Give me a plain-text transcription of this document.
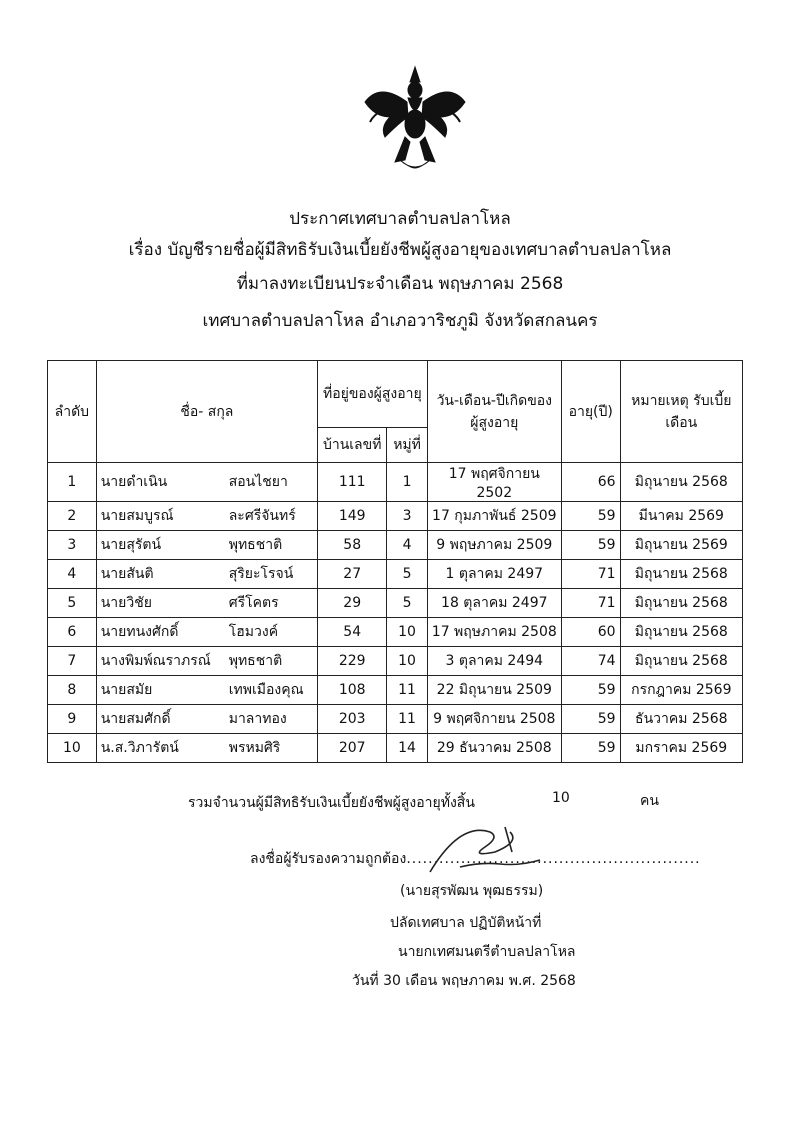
ประกาศเทศบาลตำบลปลาโหล
เรื่อง บัญชีรายชื่อผู้มีสิทธิรับเงินเบี้ยยังชีพผู้สูงอายุของเทศบาลตำบลปลาโหล
ที่มาลงทะเบียนประจำเดือน พฤษภาคม 2568
เทศบาลตำบลปลาโหล อำเภอวาริชภูมิ จังหวัดสกลนคร
ลำดับ	ชื่อ- สกุล	ที่อยู่ของผู้สูงอายุ		วัน-เดือน-ปีเกิดของ ผู้สูงอายุ	อายุ(ปี)	หมายเหตุ รับเบี้ยเดือน
		บ้านเลขที่	หมู่ที่			
1	นายดำเนิน สอนไชยา	111	1	17 พฤศจิกายน 2502	66	มิถุนายน 2568
2	นายสมบูรณ์ ละศรีจันทร์	149	3	17 กุมภาพันธ์ 2509	59	มีนาคม 2569
3	นายสุรัตน์ พุทธชาติ	58	4	9 พฤษภาคม 2509	59	มิถุนายน 2569
4	นายสันติ สุริยะโรจน์	27	5	1 ตุลาคม 2497	71	มิถุนายน 2568
5	นายวิชัย ศรีโคตร	29	5	18 ตุลาคม 2497	71	มิถุนายน 2568
6	นายทนงศักดิ์ โฮมวงค์	54	10	17 พฤษภาคม 2508	60	มิถุนายน 2568
7	นางพิมพ์ณราภรณ์ พุทธชาติ	229	10	3 ตุลาคม 2494	74	มิถุนายน 2568
8	นายสมัย เทพเมืองคุณ	108	11	22 มิถุนายน 2509	59	กรกฎาคม 2569
9	นายสมศักดิ์ มาลาทอง	203	11	9 พฤศจิกายน 2508	59	ธันวาคม 2568
10	น.ส.วิภารัตน์ พรหมศิริ	207	14	29 ธันวาคม 2508	59	มกราคม 2569
รวมจำนวนผู้มีสิทธิรับเงินเบี้ยยังชีพผู้สูงอายุทั้งสิ้น	10	คน
ลงชื่อผู้รับรองความถูกต้อง......................................................
(นายสุรพัฒน พุฒธรรม)
ปลัดเทศบาล ปฏิบัติหน้าที่
นายกเทศมนตรีตำบลปลาโหล
วันที่ 30 เดือน พฤษภาคม พ.ศ. 2568
